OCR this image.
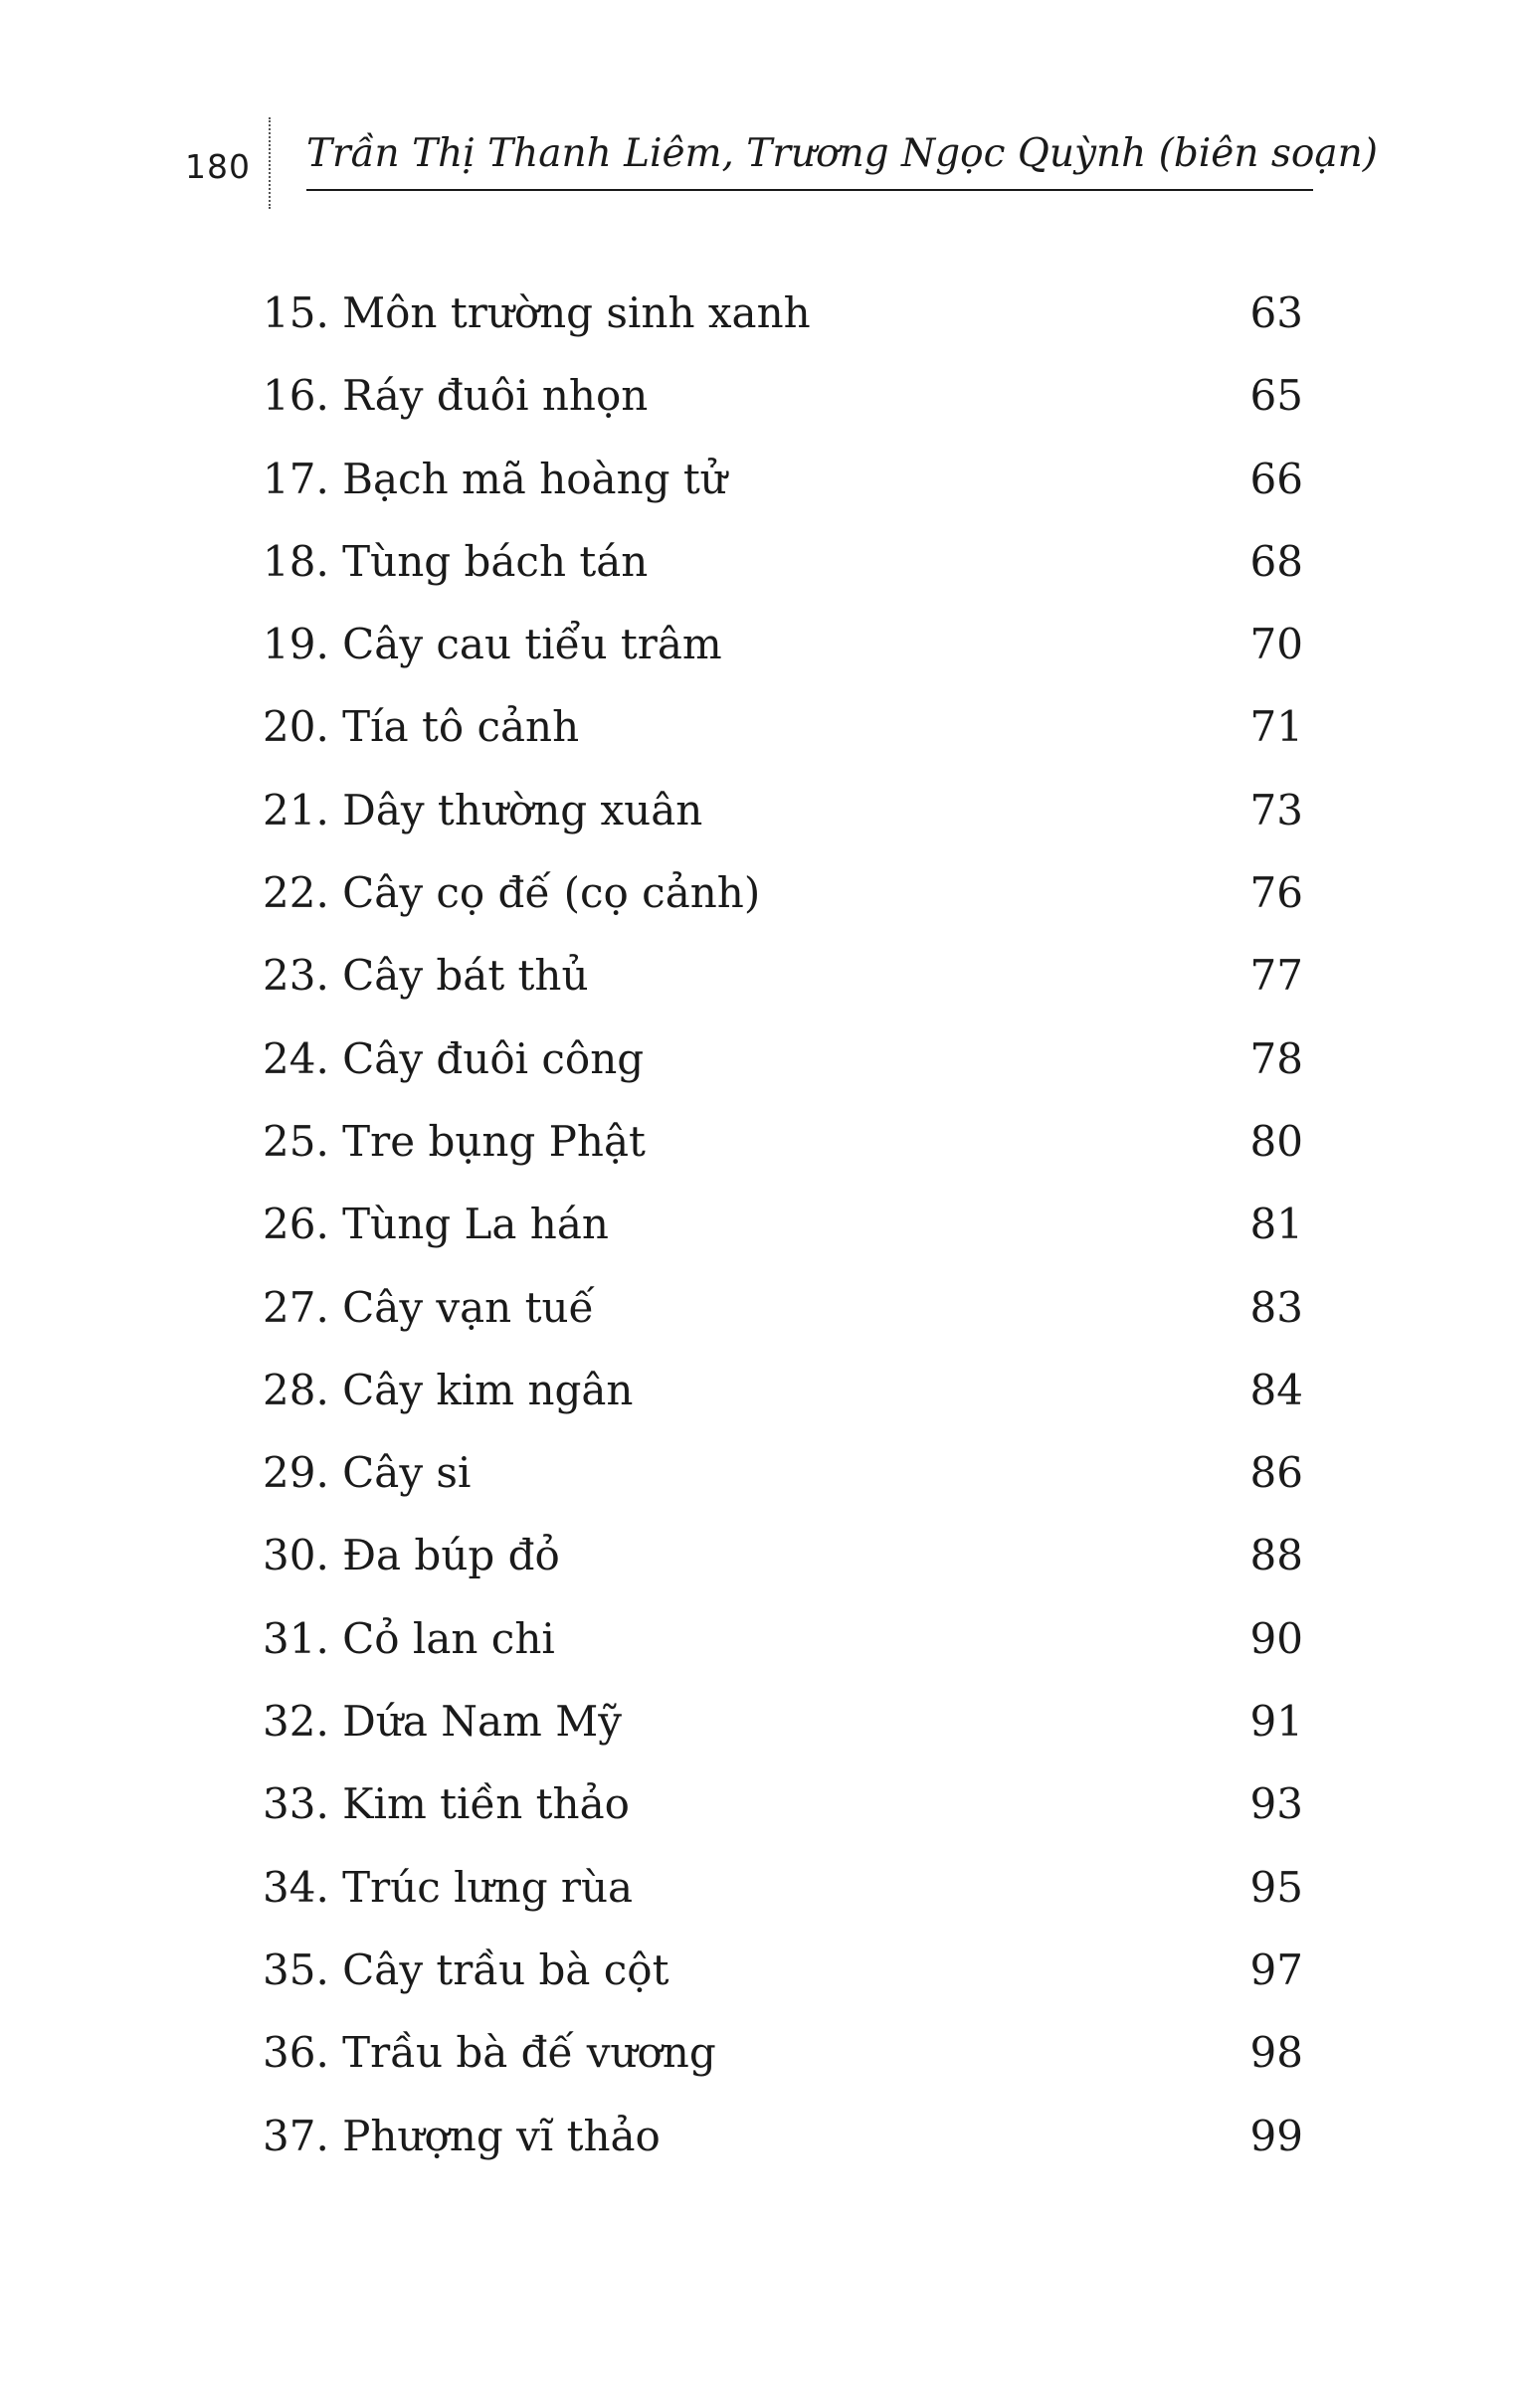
180 Trần Thị Thanh Liêm, Trương Ngọc Quỳnh (biên soạn)
15. Môn trường sinh xanh	63
16. Ráy đuôi nhọn	65
17. Bạch mã hoàng tử	66
18. Tùng bách tán	68
19. Cây cau tiểu trâm	70
20. Tía tô cảnh	71
21. Dây thường xuân	73
22. Cây cọ đế (cọ cảnh)	76
23. Cây bát thủ	77
24. Cây đuôi công	78
25. Tre bụng Phật	80
26. Tùng La hán	81
27. Cây vạn tuế	83
28. Cây kim ngân	84
29. Cây si	86
30. Đa búp đỏ	88
31. Cỏ lan chi	90
32. Dứa Nam Mỹ	91
33. Kim tiền thảo	93
34. Trúc lưng rùa	95
35. Cây trầu bà cột	97
36. Trầu bà đế vương	98
37. Phượng vĩ thảo	99
